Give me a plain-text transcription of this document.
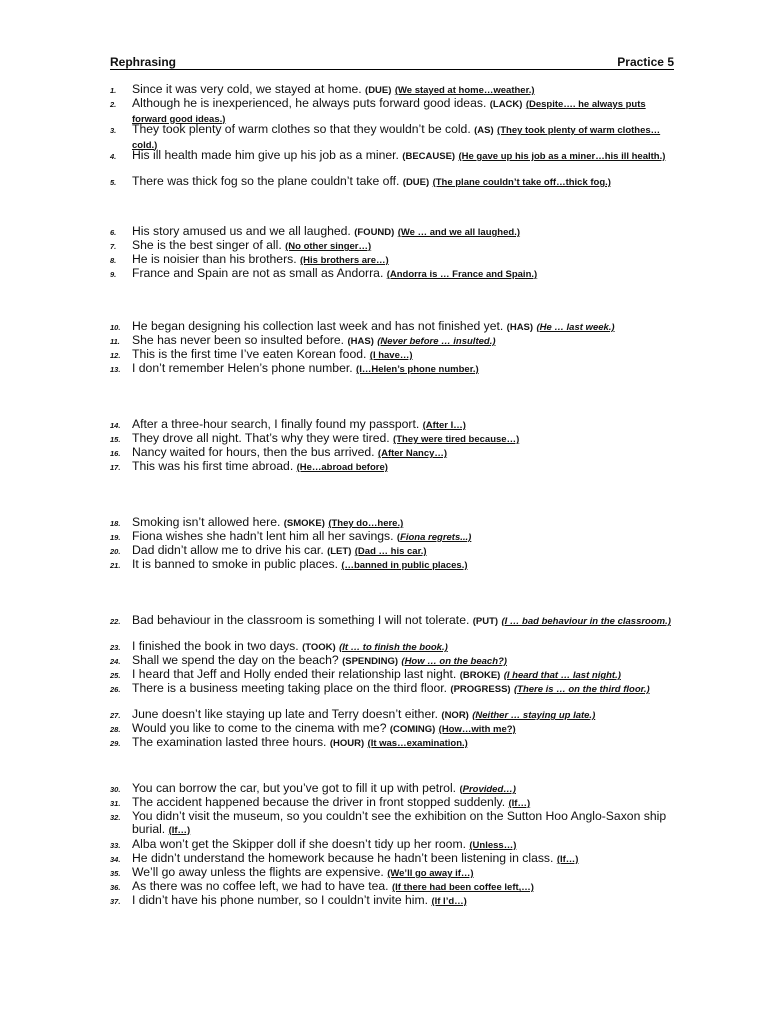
Rephrasing	Practice 5
1.	Since it was very cold, we stayed at home. (DUE) (We stayed at home…weather.)
2.	Although he is inexperienced, he always puts forward good ideas. (LACK) (Despite…. he always puts forward good ideas.)
3.	They took plenty of warm clothes so that they wouldn’t be cold. (AS) (They took plenty of warm clothes…cold.)
4.	His ill health made him give up his job as a miner. (BECAUSE) (He gave up his job as a miner…his ill health.)
5.	There was thick fog so the plane couldn’t take off. (DUE) (The plane couldn’t take off…thick fog.)
6.	His story amused us and we all laughed. (FOUND) (We … and we all laughed.)
7.	She is the best singer of all. (No other singer…)
8.	He is noisier than his brothers. (His brothers are…)
9.	France and Spain are not as small as Andorra. (Andorra is … France and Spain.)
10. He began designing his collection last week and has not finished yet. (HAS) (He … last week.)
11. She has never been so insulted before. (HAS) (Never before … insulted.)
12. This is the first time I’ve eaten Korean food. (I have…)
13. I don’t remember Helen’s phone number. (I…Helen’s phone number.)
14. After a three-hour search, I finally found my passport. (After I…)
15. They drove all night. That’s why they were tired. (They were tired because…)
16. Nancy waited for hours, then the bus arrived. (After Nancy…)
17. This was his first time abroad. (He…abroad before)
18. Smoking isn’t allowed here. (SMOKE) (They do…here.)
19. Fiona wishes she hadn’t lent him all her savings. (Fiona regrets...)
20. Dad didn’t allow me to drive his car. (LET) (Dad … his car.)
21. It is banned to smoke in public places. (…banned in public places.)
22. Bad behaviour in the classroom is something I will not tolerate. (PUT) (I … bad behaviour in the classroom.)
23. I finished the book in two days. (TOOK) (It … to finish the book.)
24. Shall we spend the day on the beach? (SPENDING) (How … on the beach?)
25. I heard that Jeff and Holly ended their relationship last night. (BROKE) (I heard that … last night.)
26. There is a business meeting taking place on the third floor. (PROGRESS) (There is … on the third floor.)
27. June doesn’t like staying up late and Terry doesn’t either. (NOR) (Neither … staying up late.)
28. Would you like to come to the cinema with me? (COMING) (How…with me?)
29. The examination lasted three hours. (HOUR) (It was…examination.)
30. You can borrow the car, but you’ve got to fill it up with petrol. (Provided…)
31. The accident happened because the driver in front stopped suddenly. (If…)
32. You didn’t visit the museum, so you couldn’t see the exhibition on the Sutton Hoo Anglo-Saxon ship burial. (If…)
33. Alba won’t get the Skipper doll if she doesn’t tidy up her room. (Unless…)
34. He didn’t understand the homework because he hadn’t been listening in class. (If…)
35. We’ll go away unless the flights are expensive. (We’ll go away if…)
36. As there was no coffee left, we had to have tea. (If there had been coffee left,…)
37. I didn’t have his phone number, so I couldn’t invite him. (If I’d…)
